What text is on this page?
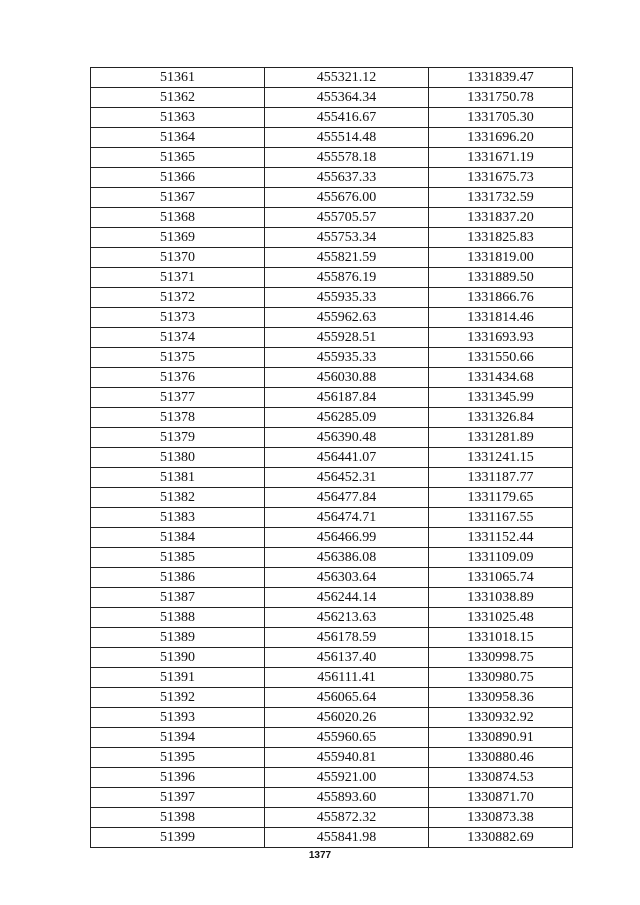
51361	455321.12	1331839.47
51362	455364.34	1331750.78
51363	455416.67	1331705.30
51364	455514.48	1331696.20
51365	455578.18	1331671.19
51366	455637.33	1331675.73
51367	455676.00	1331732.59
51368	455705.57	1331837.20
51369	455753.34	1331825.83
51370	455821.59	1331819.00
51371	455876.19	1331889.50
51372	455935.33	1331866.76
51373	455962.63	1331814.46
51374	455928.51	1331693.93
51375	455935.33	1331550.66
51376	456030.88	1331434.68
51377	456187.84	1331345.99
51378	456285.09	1331326.84
51379	456390.48	1331281.89
51380	456441.07	1331241.15
51381	456452.31	1331187.77
51382	456477.84	1331179.65
51383	456474.71	1331167.55
51384	456466.99	1331152.44
51385	456386.08	1331109.09
51386	456303.64	1331065.74
51387	456244.14	1331038.89
51388	456213.63	1331025.48
51389	456178.59	1331018.15
51390	456137.40	1330998.75
51391	456111.41	1330980.75
51392	456065.64	1330958.36
51393	456020.26	1330932.92
51394	455960.65	1330890.91
51395	455940.81	1330880.46
51396	455921.00	1330874.53
51397	455893.60	1330871.70
51398	455872.32	1330873.38
51399	455841.98	1330882.69
1377
